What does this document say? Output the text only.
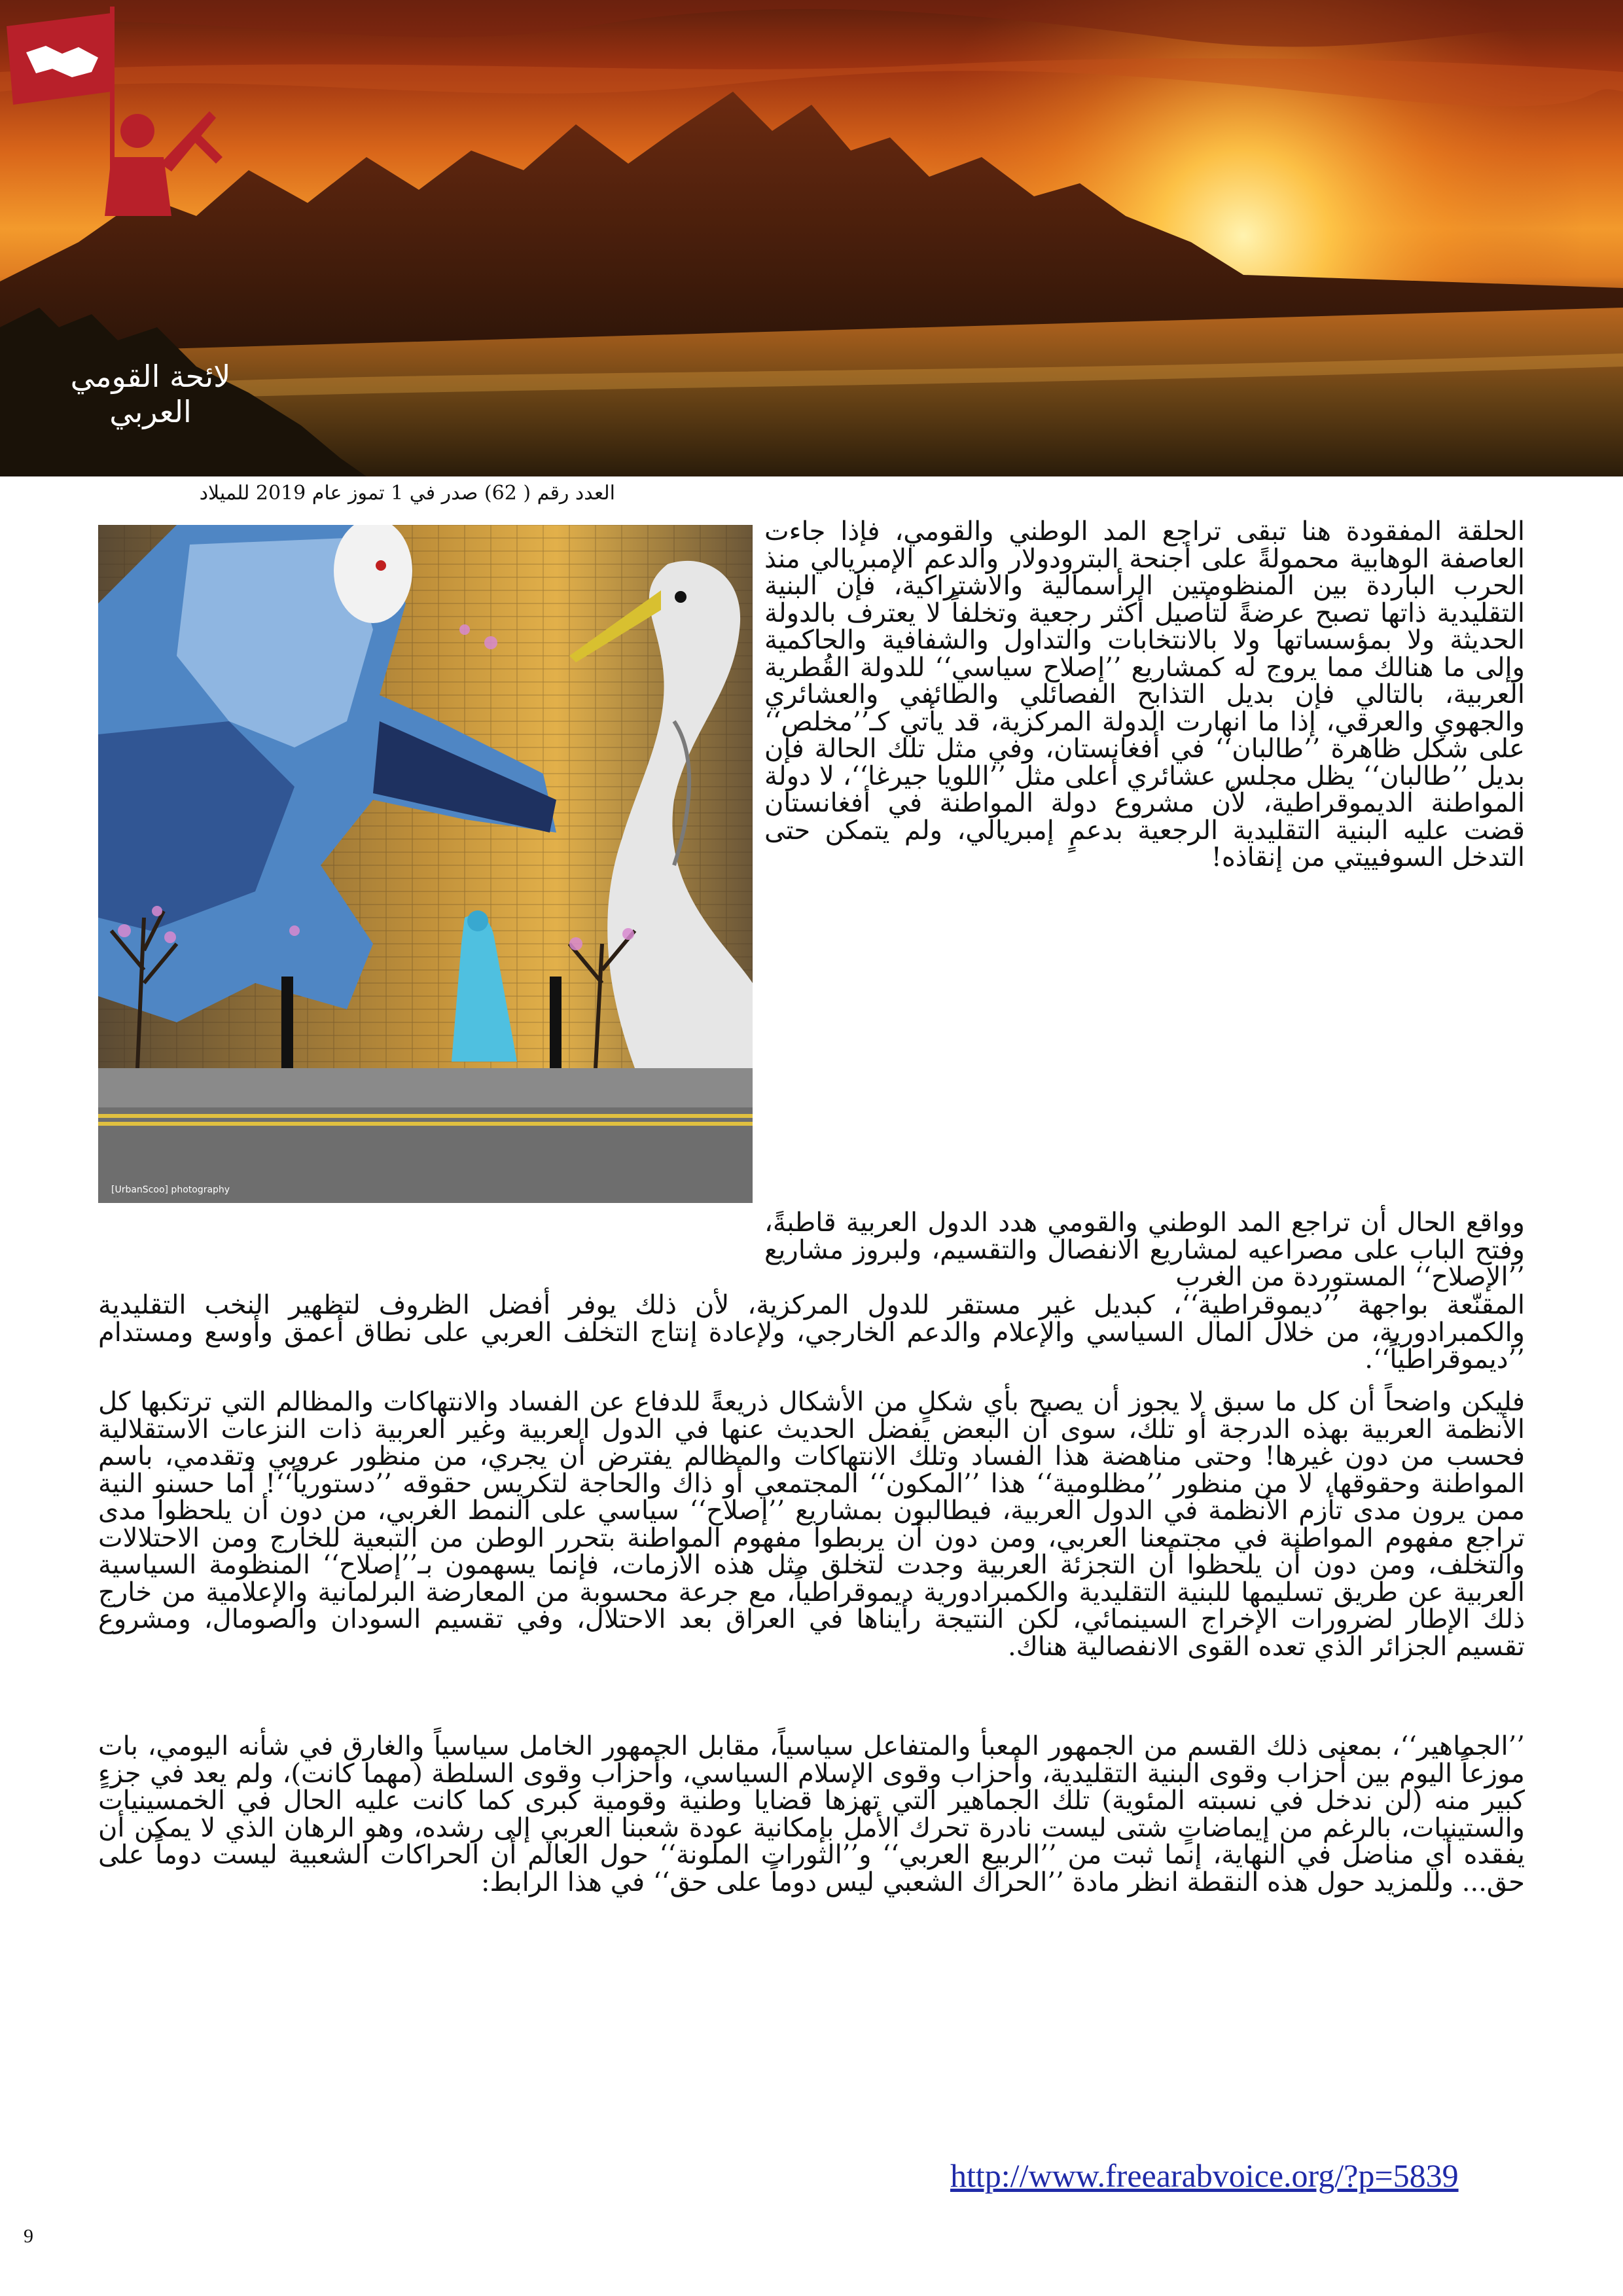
لائحة القومي العربي
العدد رقم ( 62) صدر في 1 تموز عام 2019 للميلاد
[UrbanScoo] photography

الحلقة المفقودة هنا تبقى تراجع المد الوطني والقومي، فإذا جاءت العاصفة الوهابية محمولةً على أجنحة البترودولار والدعم الإمبريالي منذ الحرب الباردة بين المنظومتين الرأسمالية والاشتراكية، فإن البنية التقليدية ذاتها تصبح عرضةً لتأصيل أكثر رجعية وتخلفاً لا يعترف بالدولة الحديثة ولا بمؤسساتها ولا بالانتخابات والتداول والشفافية والحاكمية وإلى ما هنالك مما يروج له كمشاريع ’’إصلاح سياسي‘‘ للدولة القُطرية العربية، بالتالي فإن بديل التذابح الفصائلي والطائفي والعشائري والجهوي والعرقي، إذا ما انهارت الدولة المركزية، قد يأتي كـ’’مخلص‘‘ على شكل ظاهرة ’’طالبان‘‘ في أفغانستان، وفي مثل تلك الحالة فإن بديل ’’طالبان‘‘ يظل مجلس عشائري أعلى مثل ’’اللويا جيرغا‘‘، لا دولة المواطنة الديموقراطية، لأن مشروع دولة المواطنة في أفغانستان قضت عليه البنية التقليدية الرجعية بدعمٍ إمبريالي، ولم يتمكن حتى التدخل السوفييتي من إنقاذه!

وواقع الحال أن تراجع المد الوطني والقومي هدد الدول العربية قاطبةً، وفتح الباب على مصراعيه لمشاريع الانفصال والتقسيم، ولبروز مشاريع ’’الإصلاح‘‘ المستوردة من الغرب

المقنّعة بواجهة ’’ديموقراطية‘‘، كبديل غير مستقر للدول المركزية، لأن ذلك يوفر أفضل الظروف لتظهير النخب التقليدية والكمبرادورية، من خلال المال السياسي والإعلام والدعم الخارجي، ولإعادة إنتاج التخلف العربي على نطاق أعمق وأوسع ومستدام ’’ديموقراطياً‘‘.

فليكن واضحاً أن كل ما سبق لا يجوز أن يصبح بأي شكلٍ من الأشكال ذريعةً للدفاع عن الفساد والانتهاكات والمظالم التي ترتكبها كل الأنظمة العربية بهذه الدرجة أو تلك، سوى أن البعض يفضل الحديث عنها في الدول العربية وغير العربية ذات النزعات الاستقلالية فحسب من دون غيرها! وحتى مناهضة هذا الفساد وتلك الانتهاكات والمظالم يفترض أن يجري، من منظور عروبي وتقدمي، باسم المواطنة وحقوقها، لا من منظور ’’مظلومية‘‘ هذا ’’المكون‘‘ المجتمعي أو ذاك والحاجة لتكريس حقوقه ’’دستورياً‘‘! أما حسنو النية ممن يرون مدى تأزم الأنظمة في الدول العربية، فيطالبون بمشاريع ’’إصلاح‘‘ سياسي على النمط الغربي، من دون أن يلحظوا مدى تراجع مفهوم المواطنة في مجتمعنا العربي، ومن دون أن يربطوا مفهوم المواطنة بتحرر الوطن من التبعية للخارج ومن الاحتلالات والتخلف، ومن دون أن يلحظوا أن التجزئة العربية وجدت لتخلق مثل هذه الأزمات، فإنما يسهمون بـ’’إصلاح‘‘ المنظومة السياسية العربية عن طريق تسليمها للبنية التقليدية والكمبرادورية ديموقراطياً، مع جرعة محسوبة من المعارضة البرلمانية والإعلامية من خارج ذلك الإطار لضرورات الإخراج السينمائي، لكن النتيجة رأيناها في العراق بعد الاحتلال، وفي تقسيم السودان والصومال، ومشروع تقسيم الجزائر الذي تعده القوى الانفصالية هناك.

’’الجماهير‘‘، بمعنى ذلك القسم من الجمهور المعبأ والمتفاعل سياسياً، مقابل الجمهور الخامل سياسياً والغارق في شأنه اليومي، بات موزعاً اليوم بين أحزاب وقوى البنية التقليدية، وأحزاب وقوى الإسلام السياسي، وأحزاب وقوى السلطة (مهما كانت)، ولم يعد في جزءٍ كبير منه (لن ندخل في نسبته المئوية) تلك الجماهير التي تهزها قضايا وطنية وقومية كبرى كما كانت عليه الحال في الخمسينيات والستينيات، بالرغم من إيماضاتٍ شتى ليست نادرة تحرك الأمل بإمكانية عودة شعبنا العربي إلى رشده، وهو الرهان الذي لا يمكن أن يفقده أي مناضل في النهاية، إنما ثبت من ’’الربيع العربي‘‘ و’’الثورات الملونة‘‘ حول العالم أن الحراكات الشعبية ليست دوماً على حق... وللمزيد حول هذه النقطة انظر مادة ’’الحراك الشعبي ليس دوماً على حق‘‘ في هذا الرابط:

http://www.freearabvoice.org/?p=5839
9
